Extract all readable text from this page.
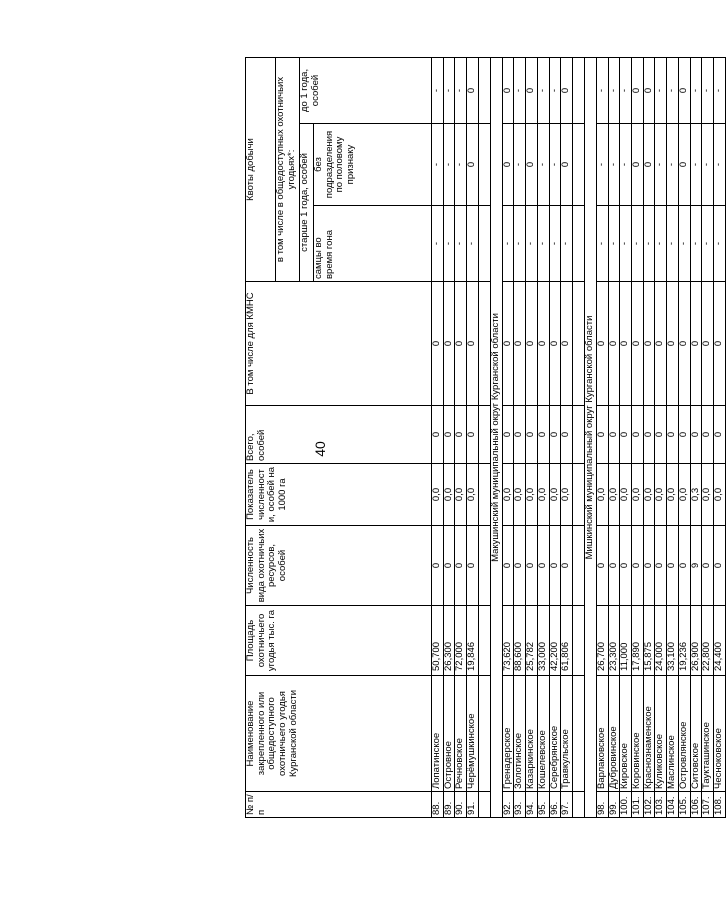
40
№ п/п	Наименование закрепленного или общедоступного охотничьего угодья Курганской области	Площадь охотничьего угодья тыс. га	Численность вида охотничьих ресурсов, особей	Показатель численност и, особей на 1000 га	Всего, особей	В том числе для КМНС	Квоты добычи		
							в том числе в общедоступных охотничьих угодьях*:		
							старше 1 года, особей		до 1 года, особей
							самцы во время гона	без подразделения по половому признаку	
88.	Лопатинское	50,700	0	0,0	0	0	-	-	-
89.	Островное	26,300	0	0,0	0	0	-	-	-
90.	Речновское	72,000	0	0,0	0	0	-	-	-
91.	Черёмушкинское	19,846	0	0,0	0	0	-	0	0

Макушинский муниципальный округ Курганской области									
92.	Гренадерское	73,620	0	0,0	0	0	-	0	0
93.	Золотинское	88,600	0	0,0	0	0	-	-	-
94.	Казаркинское	25,782	0	0,0	0	0	-	0	0
95.	Кошелевское	33,000	0	0,0	0	0	-	-	-
96.	Серебрянское	42,200	0	0,0	0	0	-	-	-
97.	Травкульское	61,806	0	0,0	0	0	-	0	0

Мишкинский муниципальный округ Курганской области									
98.	Варлаковское	26,700	0	0,0	0	0	-	-	-
99.	Дубровинское	23,300	0	0,0	0	0	-	-	-
100.	Кировское	11,000	0	0,0	0	0	-	-	-
101.	Коровинское	17,890	0	0,0	0	0	-	0	0
102.	Краснознаменское	15,875	0	0,0	0	0	-	0	0
103.	Куликовское	24,000	0	0,0	0	0	-	-	-
104.	Маслинское	33,100	0	0,0	0	0	-	-	-
105.	Островлянское	19,236	0	0,0	0	0	-	0	0
106.	Ситовское	26,900	9	0,3	0	0	-	-	-
107.	Таукташинское	22,800	0	0,0	0	0	-	-	-
108.	Чесноковское	24,400	0	0,0	0	0	-	-	-
